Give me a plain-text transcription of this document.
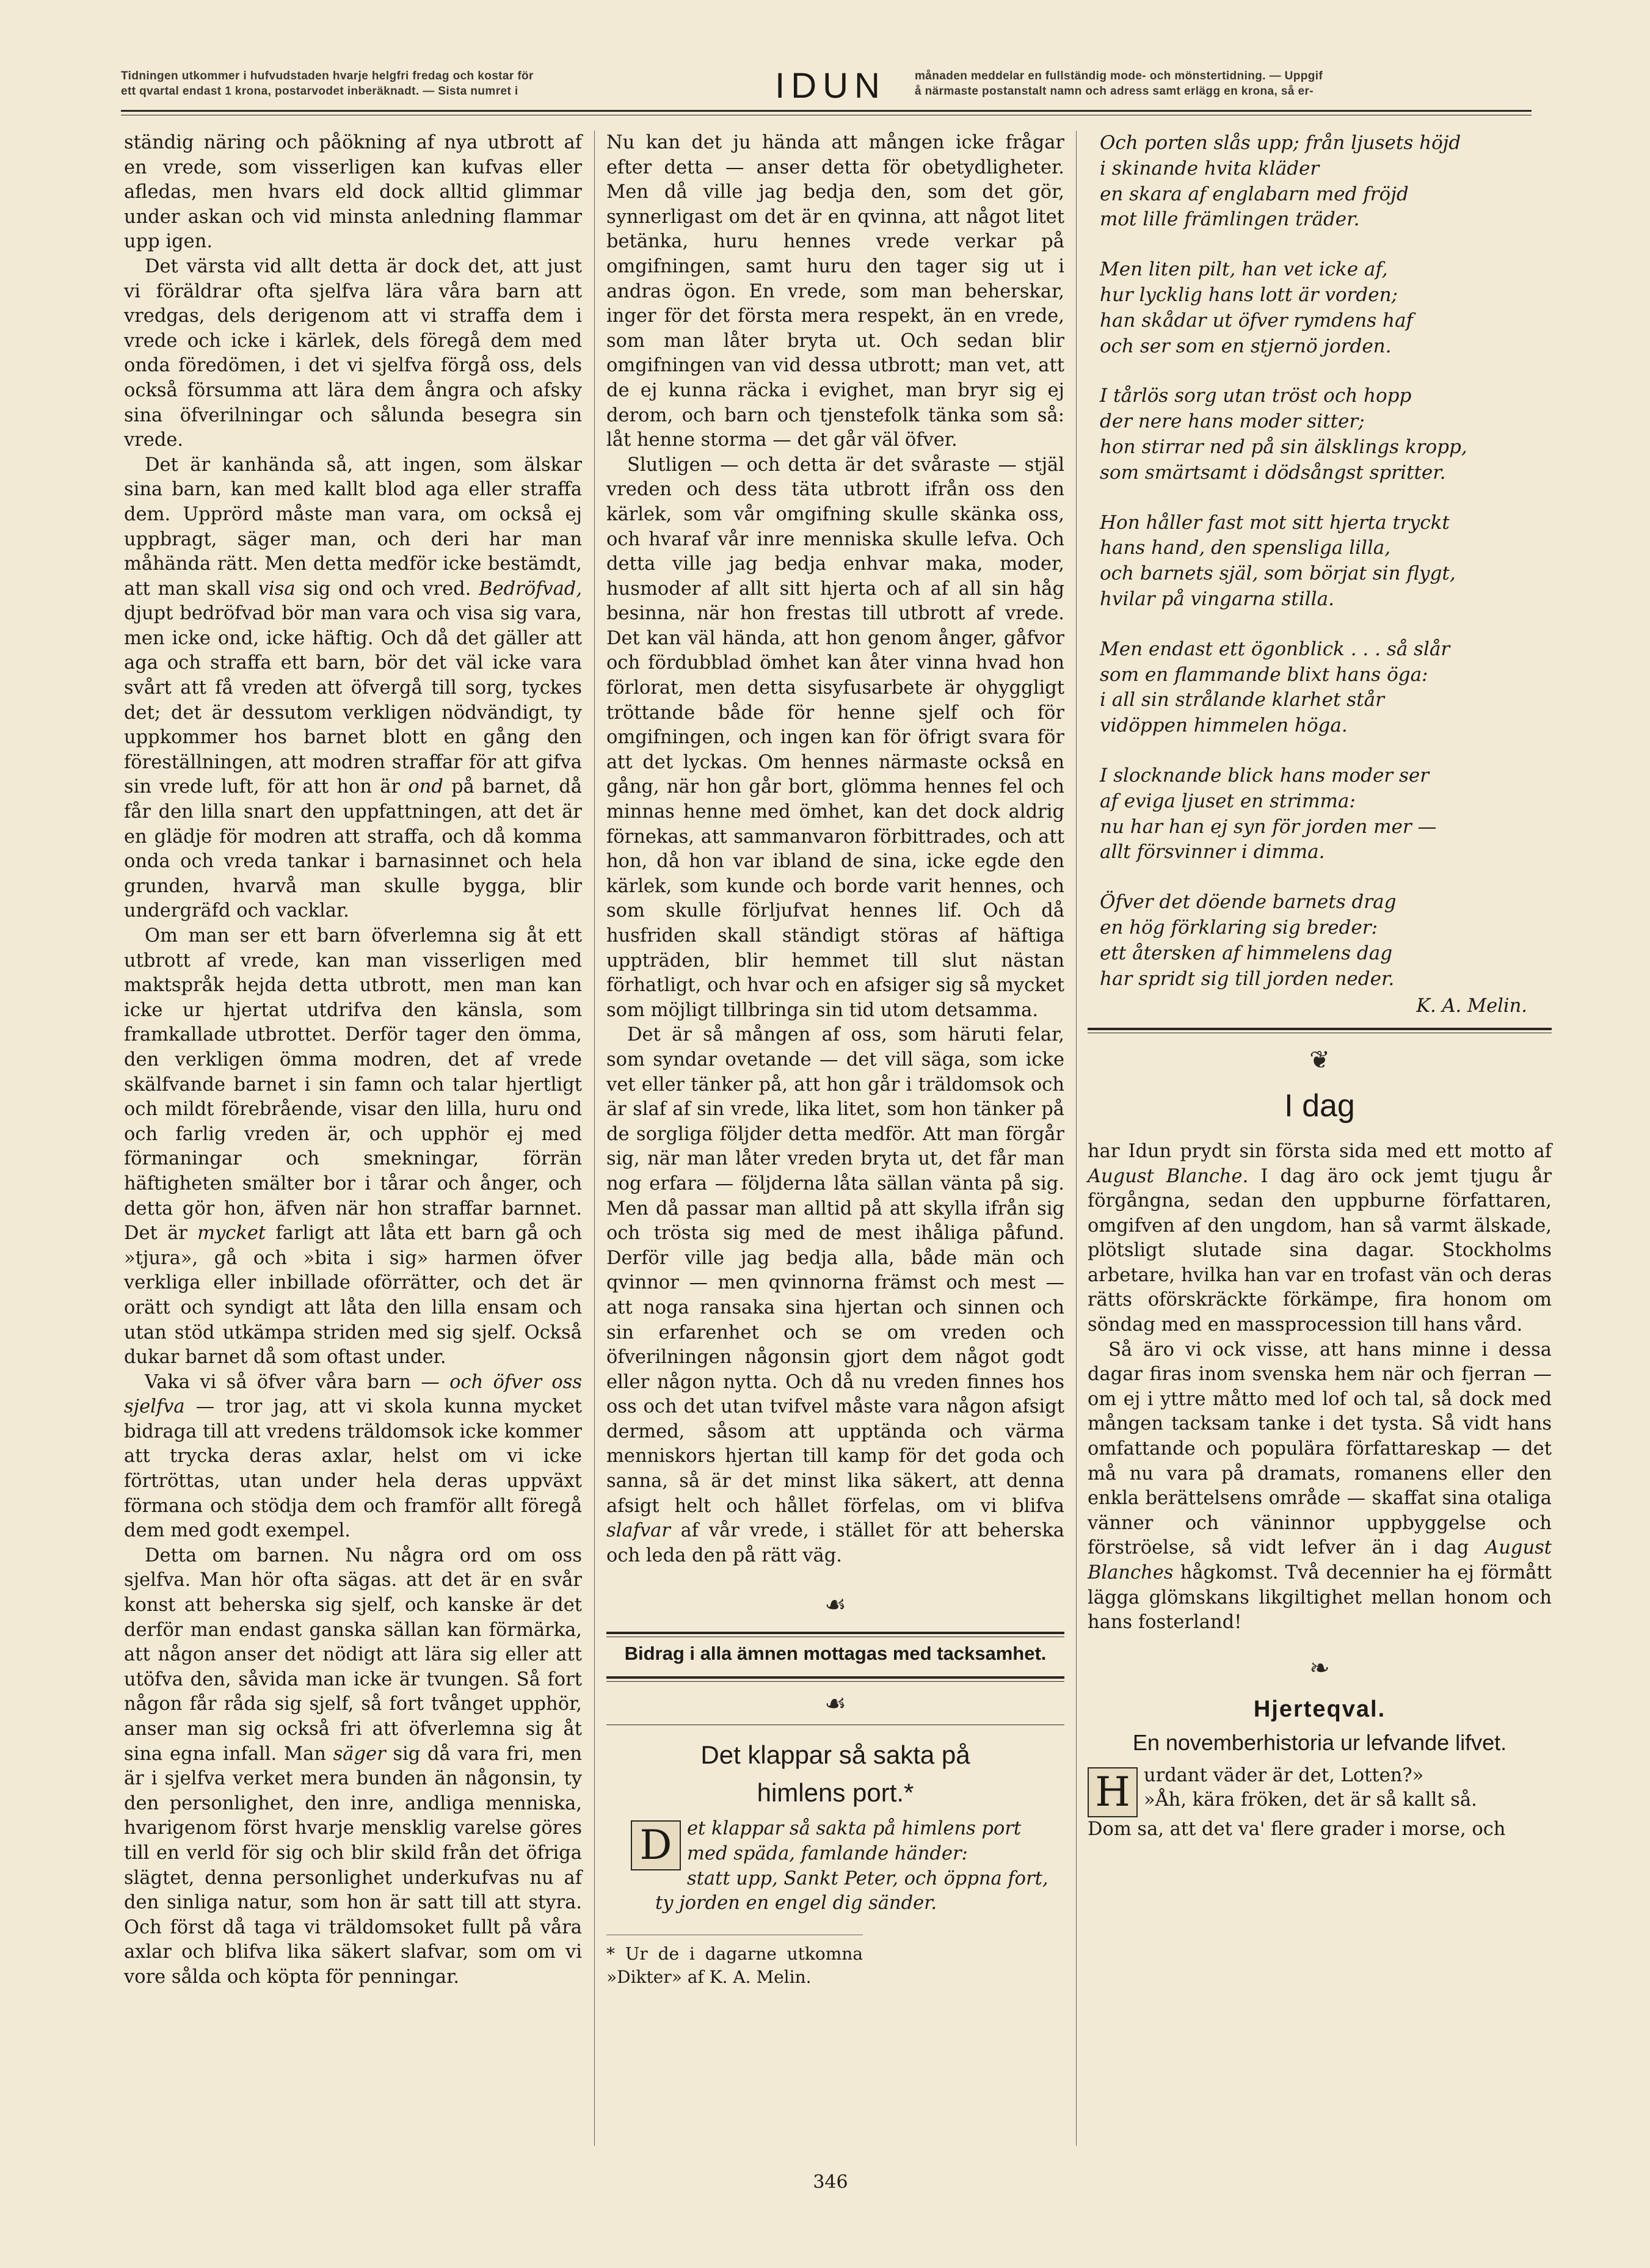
Tidningen utkommer i hufvudstaden hvarje helgfri fredag och kostar för
ett qvartal endast 1 krona, postarvodet inberäknadt. — Sista numret i	IDUN	månaden meddelar en fullständig mode- och mönstertidning. — Uppgif
å närmaste postanstalt namn och adress samt erlägg en krona, så er-

ständig näring och påökning af nya utbrott af en vrede, som visserligen kan kufvas eller afledas, men hvars eld dock alltid glimmar under askan och vid minsta anledning flammar upp igen.

Det värsta vid allt detta är dock det, att just vi föräldrar ofta sjelfva lära våra barn att vredgas, dels derigenom att vi straffa dem i vrede och icke i kärlek, dels föregå dem med onda föredömen, i det vi sjelfva förgå oss, dels också försumma att lära dem ångra och afsky sina öfverilningar och sålunda besegra sin vrede.

Det är kanhända så, att ingen, som älskar sina barn, kan med kallt blod aga eller straffa dem. Upprörd måste man vara, om också ej uppbragt, säger man, och deri har man måhända rätt. Men detta medför icke bestämdt, att man skall visa sig ond och vred. Bedröfvad, djupt bedröfvad bör man vara och visa sig vara, men icke ond, icke häftig. Och då det gäller att aga och straffa ett barn, bör det väl icke vara svårt att få vreden att öfvergå till sorg, tyckes det; det är dessutom verkligen nödvändigt, ty uppkommer hos barnet blott en gång den föreställningen, att modren straffar för att gifva sin vrede luft, för att hon är ond på barnet, då får den lilla snart den uppfattningen, att det är en glädje för modren att straffa, och då komma onda och vreda tankar i barnasinnet och hela grunden, hvarvå man skulle bygga, blir undergräfd och vacklar.

Om man ser ett barn öfverlemna sig åt ett utbrott af vrede, kan man visserligen med maktspråk hejda detta utbrott, men man kan icke ur hjertat utdrifva den känsla, som framkallade utbrottet. Derför tager den ömma, den verkligen ömma modren, det af vrede skälfvande barnet i sin famn och talar hjertligt och mildt förebrående, visar den lilla, huru ond och farlig vreden är, och upphör ej med förmaningar och smekningar, förrän häftigheten smälter bor i tårar och ånger, och detta gör hon, äfven när hon straffar barnnet. Det är mycket farligt att låta ett barn gå och »tjura», gå och »bita i sig» harmen öfver verkliga eller inbillade oförrätter, och det är orätt och syndigt att låta den lilla ensam och utan stöd utkämpa striden med sig sjelf. Också dukar barnet då som oftast under.

Vaka vi så öfver våra barn — och öfver oss sjelfva — tror jag, att vi skola kunna mycket bidraga till att vredens träldomsok icke kommer att trycka deras axlar, helst om vi icke förtröttas, utan under hela deras uppväxt förmana och stödja dem och framför allt föregå dem med godt exempel.

Detta om barnen. Nu några ord om oss sjelfva. Man hör ofta sägas. att det är en svår konst att beherska sig sjelf, och kanske är det derför man endast ganska sällan kan förmärka, att någon anser det nödigt att lära sig eller att utöfva den, såvida man icke är tvungen. Så fort någon får råda sig sjelf, så fort tvånget upphör, anser man sig också fri att öfverlemna sig åt sina egna infall. Man säger sig då vara fri, men är i sjelfva verket mera bunden än någonsin, ty den personlighet, den inre, andliga menniska, hvarigenom först hvarje mensklig varelse göres till en verld för sig och blir skild från det öfriga slägtet, denna personlighet underkufvas nu af den sinliga natur, som hon är satt till att styra. Och först då taga vi träldomsoket fullt på våra axlar och blifva lika säkert slafvar, som om vi vore sålda och köpta för penningar.

Nu kan det ju hända att mången icke frågar efter detta — anser detta för obetydligheter. Men då ville jag bedja den, som det gör, synnerligast om det är en qvinna, att något litet betänka, huru hennes vrede verkar på omgifningen, samt huru den tager sig ut i andras ögon. En vrede, som man beherskar, inger för det första mera respekt, än en vrede, som man låter bryta ut. Och sedan blir omgifningen van vid dessa utbrott; man vet, att de ej kunna räcka i evighet, man bryr sig ej derom, och barn och tjenstefolk tänka som så: låt henne storma — det går väl öfver.

Slutligen — och detta är det svåraste — stjäl vreden och dess täta utbrott ifrån oss den kärlek, som vår omgifning skulle skänka oss, och hvaraf vår inre menniska skulle lefva. Och detta ville jag bedja enhvar maka, moder, husmoder af allt sitt hjerta och af all sin håg besinna, när hon frestas till utbrott af vrede. Det kan väl hända, att hon genom ånger, gåfvor och fördubblad ömhet kan åter vinna hvad hon förlorat, men detta sisyfusarbete är ohyggligt tröttande både för henne sjelf och för omgifningen, och ingen kan för öfrigt svara för att det lyckas. Om hennes närmaste också en gång, när hon går bort, glömma hennes fel och minnas henne med ömhet, kan det dock aldrig förnekas, att sammanvaron förbittrades, och att hon, då hon var ibland de sina, icke egde den kärlek, som kunde och borde varit hennes, och som skulle förljufvat hennes lif. Och då husfriden skall ständigt störas af häftiga uppträden, blir hemmet till slut nästan förhatligt, och hvar och en afsiger sig så mycket som möjligt tillbringa sin tid utom detsamma.

Det är så mången af oss, som häruti felar, som syndar ovetande — det vill säga, som icke vet eller tänker på, att hon går i träldomsok och är slaf af sin vrede, lika litet, som hon tänker på de sorgliga följder detta medför. Att man förgår sig, när man låter vreden bryta ut, det får man nog erfara — följderna låta sällan vänta på sig. Men då passar man alltid på att skylla ifrån sig och trösta sig med de mest ihåliga påfund. Derför ville jag bedja alla, både män och qvinnor — men qvinnorna främst och mest — att noga ransaka sina hjertan och sinnen och sin erfarenhet och se om vreden och öfverilningen någonsin gjort dem något godt eller någon nytta. Och då nu vreden finnes hos oss och det utan tvifvel måste vara någon afsigt dermed, såsom att upptända och värma menniskors hjertan till kamp för det goda och sanna, så är det minst lika säkert, att denna afsigt helt och hållet förfelas, om vi blifva slafvar af vår vrede, i stället för att beherska och leda den på rätt väg.

☙
Bidrag i alla ämnen mottagas med tacksamhet.
☙
Det klappar så sakta på
himlens port.*
D et klappar så sakta på himlens port
med späda, famlande händer:
statt upp, Sankt Peter, och öppna fort,
ty jorden en engel dig sänder.
* Ur de i dagarne utkomna »Dikter» af K. A. Melin.
Och porten slås upp; från ljusets höjd
i skinande hvita kläder
en skara af englabarn med fröjd
mot lille främlingen träder.
Men liten pilt, han vet icke af,
hur lycklig hans lott är vorden;
han skådar ut öfver rymdens haf
och ser som en stjernö jorden.
I tårlös sorg utan tröst och hopp
der nere hans moder sitter;
hon stirrar ned på sin älsklings kropp,
som smärtsamt i dödsångst spritter.
Hon håller fast mot sitt hjerta tryckt
hans hand, den spensliga lilla,
och barnets själ, som börjat sin flygt,
hvilar på vingarna stilla.
Men endast ett ögonblick . . . så slår
som en flammande blixt hans öga:
i all sin strålande klarhet står
vidöppen himmelen höga.
I slocknande blick hans moder ser
af eviga ljuset en strimma:
nu har han ej syn för jorden mer —
allt försvinner i dimma.
Öfver det döende barnets drag
en hög förklaring sig breder:
ett återsken af himmelens dag
har spridt sig till jorden neder.
K. A. Melin.
❦
I dag

har Idun prydt sin första sida med ett motto af August Blanche. I dag äro ock jemt tjugu år förgångna, sedan den uppburne författaren, omgifven af den ungdom, han så varmt älskade, plötsligt slutade sina dagar. Stockholms arbetare, hvilka han var en trofast vän och deras rätts oförskräckte förkämpe, fira honom om söndag med en massprocession till hans vård.

Så äro vi ock visse, att hans minne i dessa dagar firas inom svenska hem när och fjerran — om ej i yttre måtto med lof och tal, så dock med mången tacksam tanke i det tysta. Så vidt hans omfattande och populära författareskap — det må nu vara på dramats, romanens eller den enkla berättelsens område — skaffat sina otaliga vänner och väninnor uppbyggelse och förströelse, så vidt lefver än i dag August Blanches hågkomst. Två decennier ha ej förmått lägga glömskans likgiltighet mellan honom och hans fosterland!

❧
Hjerteqval.
En novemberhistoria ur lefvande lifvet.
H urdant väder är det, Lotten?»
»Åh, kära fröken, det är så kallt så.
Dom sa, att det va' flere grader i morse, och
346
